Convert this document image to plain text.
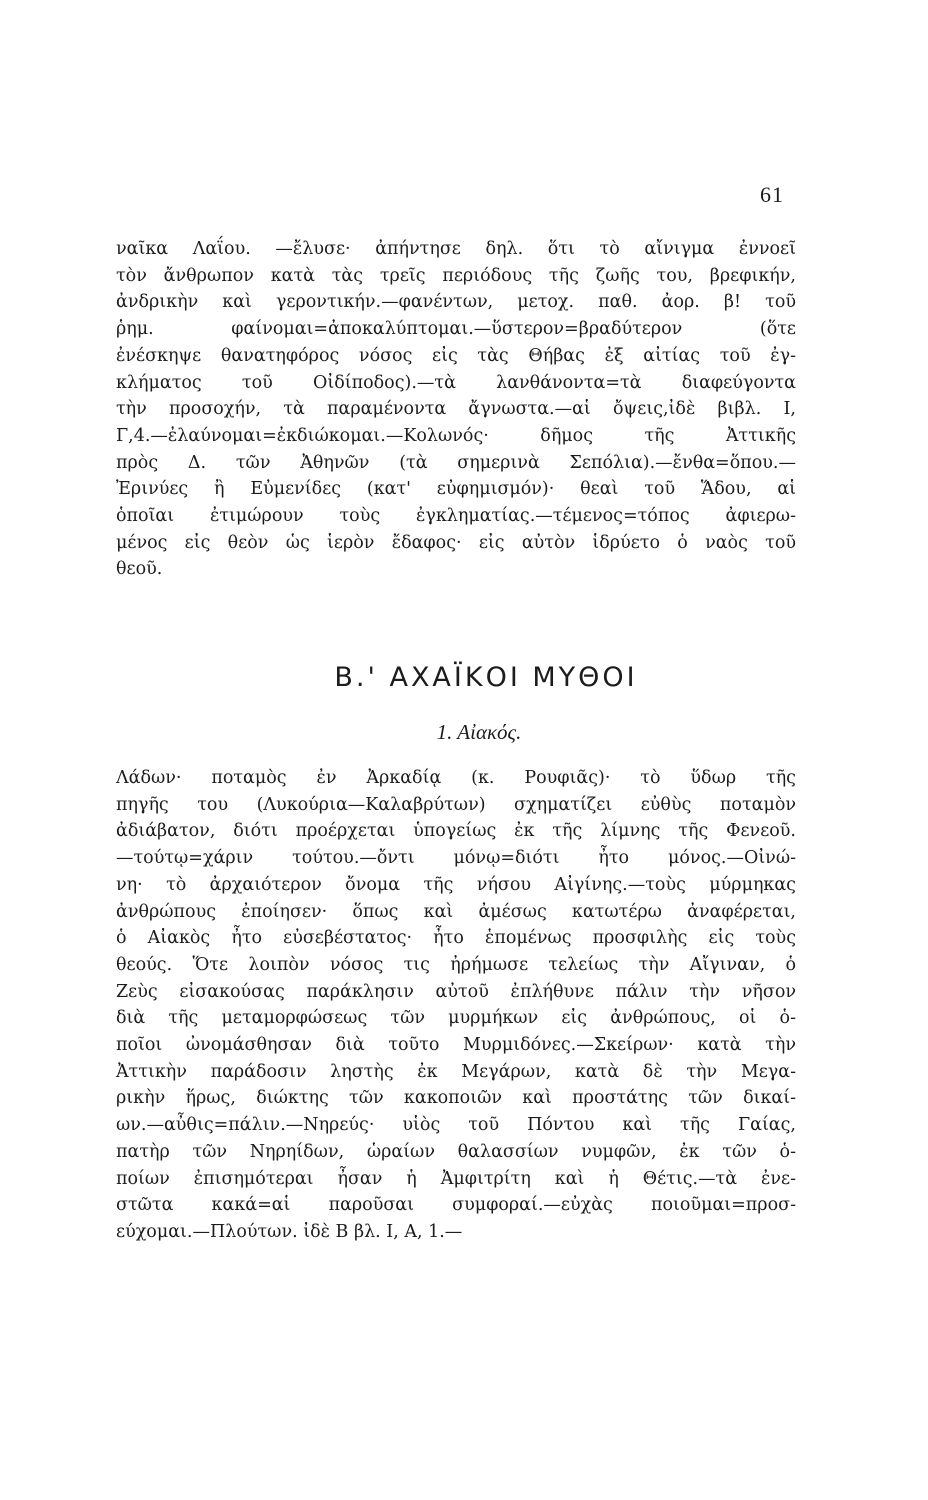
61
ναῖκα Λαΐου. —ἔλυσε· ἀπήντησε δηλ. ὅτι τὸ αἴνιγμα ἐννοεῖ
τὸν ἄνθρωπον κατὰ τὰς τρεῖς περιόδους τῆς ζωῆς του, βρεφικήν,
ἀνδρικὴν καὶ γεροντικήν.—φανέντων, μετοχ. παθ. ἀορ. β! τοῦ
ῥημ. φαίνομαι=ἀποκαλύπτομαι.—ὕστερον=βραδύτερον (ὅτε
ἐνέσκηψε θανατηφόρος νόσος εἰς τὰς Θήβας ἐξ αἰτίας τοῦ ἐγ-
κλήματος τοῦ Οἰδίποδος).—τὰ λανθάνοντα=τὰ διαφεύγοντα
τὴν προσοχήν, τὰ παραμένοντα ἄγνωστα.—αἱ ὄψεις,ἰδὲ βιβλ. Ι,
Γ,4.—ἐλαύνομαι=ἐκδιώκομαι.—Κολωνός· δῆμος τῆς Ἀττικῆς
πρὸς Δ. τῶν Ἀθηνῶν (τὰ σημερινὰ Σεπόλια).—ἔνθα=ὅπου.—
Ἐρινύες ἢ Εὐμενίδες (κατ' εὐφημισμόν)· θεαὶ τοῦ Ἅδου, αἱ
ὁποῖαι ἐτιμώρουν τοὺς ἐγκληματίας.—τέμενος=τόπος ἀφιερω-
μένος εἰς θεὸν ὡς ἱερὸν ἔδαφος· εἰς αὐτὸν ἱδρύετο ὁ ναὸς τοῦ
θεοῦ.
B.' ΑΧΑΪΚΟΙ ΜΥΘΟΙ
1. Αἰακός.
Λάδων· ποταμὸς ἐν Ἀρκαδίᾳ (κ. Ρουφιᾶς)· τὸ ὕδωρ τῆς
πηγῆς του (Λυκούρια—Καλαβρύτων) σχηματίζει εὐθὺς ποταμὸν
ἀδιάβατον, διότι προέρχεται ὑπογείως ἐκ τῆς λίμνης τῆς Φενεοῦ.
—τούτῳ=χάριν τούτου.—ὄντι μόνῳ=διότι ἦτο μόνος.—Οἰνώ-
νη· τὸ ἀρχαιότερον ὄνομα τῆς νήσου Αἰγίνης.—τοὺς μύρμηκας
ἀνθρώπους ἐποίησεν· ὅπως καὶ ἀμέσως κατωτέρω ἀναφέρεται,
ὁ Αἰακὸς ἦτο εὐσεβέστατος· ἦτο ἑπομένως προσφιλὴς εἰς τοὺς
θεούς. Ὅτε λοιπὸν νόσος τις ἠρήμωσε τελείως τὴν Αἴγιναν, ὁ
Ζεὺς εἰσακούσας παράκλησιν αὐτοῦ ἐπλήθυνε πάλιν τὴν νῆσον
διὰ τῆς μεταμορφώσεως τῶν μυρμήκων εἰς ἀνθρώπους, οἱ ὁ-
ποῖοι ὠνομάσθησαν διὰ τοῦτο Μυρμιδόνες.—Σκείρων· κατὰ τὴν
Ἀττικὴν παράδοσιν ληστὴς ἐκ Μεγάρων, κατὰ δὲ τὴν Μεγα-
ρικὴν ἥρως, διώκτης τῶν κακοποιῶν καὶ προστάτης τῶν δικαί-
ων.—αὖθις=πάλιν.—Νηρεύς· υἱὸς τοῦ Πόντου καὶ τῆς Γαίας,
πατὴρ τῶν Νηρηίδων, ὡραίων θαλασσίων νυμφῶν, ἐκ τῶν ὁ-
ποίων ἐπισημότεραι ἦσαν ἡ Ἀμφιτρίτη καὶ ἡ Θέτις.—τὰ ἐνε-
στῶτα κακά=αἱ παροῦσαι συμφοραί.—εὐχὰς ποιοῦμαι=προσ-
εύχομαι.—Πλούτων. ἰδὲ Β βλ. Ι, Α, 1.—
